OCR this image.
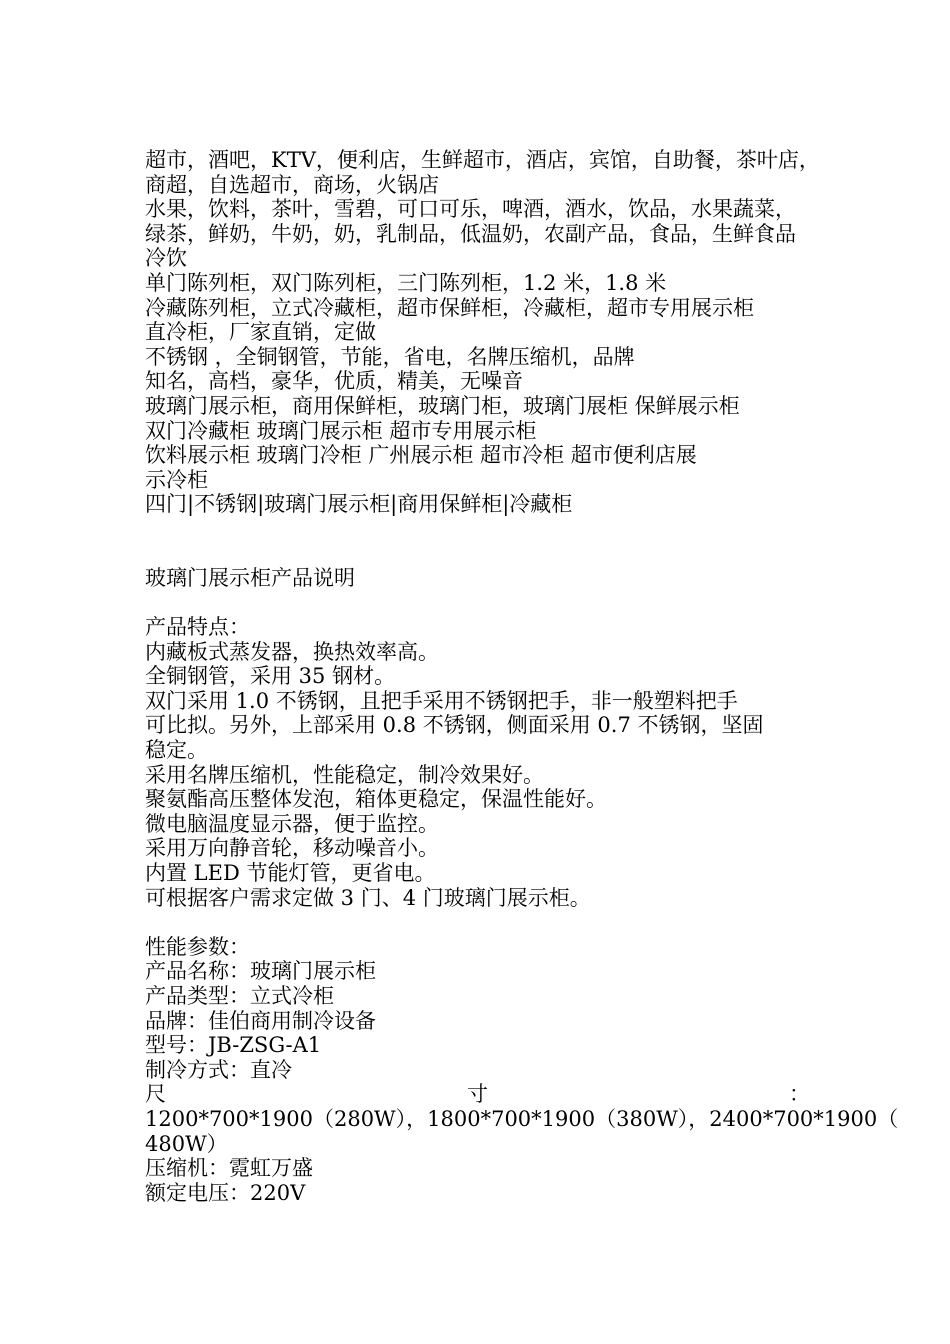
超市，酒吧，KTV，便利店，生鲜超市，酒店，宾馆，自助餐，茶叶店，
商超，自选超市，商场，火锅店
水果，饮料，茶叶，雪碧，可口可乐，啤酒，酒水，饮品，水果蔬菜，
绿茶，鲜奶，牛奶，奶，乳制品，低温奶，农副产品，食品，生鲜食品
冷饮
单门陈列柜，双门陈列柜，三门陈列柜，1.2 米，1.8 米
冷藏陈列柜，立式冷藏柜，超市保鲜柜，冷藏柜，超市专用展示柜
直冷柜，厂家直销，定做
不锈钢 ，全铜钢管，节能，省电，名牌压缩机，品牌
知名，高档，豪华，优质，精美，无噪音
玻璃门展示柜，商用保鲜柜，玻璃门柜，玻璃门展柜 保鲜展示柜
双门冷藏柜 玻璃门展示柜 超市专用展示柜
饮料展示柜 玻璃门冷柜 广州展示柜 超市冷柜 超市便利店展
示冷柜
四门|不锈钢|玻璃门展示柜|商用保鲜柜|冷藏柜
玻璃门展示柜产品说明
产品特点：
内藏板式蒸发器，换热效率高。
全铜钢管，采用 35 钢材。
双门采用 1.0 不锈钢，且把手采用不锈钢把手，非一般塑料把手
可比拟。另外，上部采用 0.8 不锈钢，侧面采用 0.7 不锈钢，坚固
稳定。
采用名牌压缩机，性能稳定，制冷效果好。
聚氨酯高压整体发泡，箱体更稳定，保温性能好。
微电脑温度显示器，便于监控。
采用万向静音轮，移动噪音小。
内置 LED 节能灯管，更省电。
可根据客户需求定做 3 门、4 门玻璃门展示柜。
性能参数：
产品名称：玻璃门展示柜
产品类型：立式冷柜
品牌：佳伯商用制冷设备
型号：JB-ZSG-A1
制冷方式：直冷
尺	寸	：
1200*700*1900（280W），1800*700*1900（380W），2400*700*1900（
480W）
压缩机：霓虹万盛
额定电压：220V
